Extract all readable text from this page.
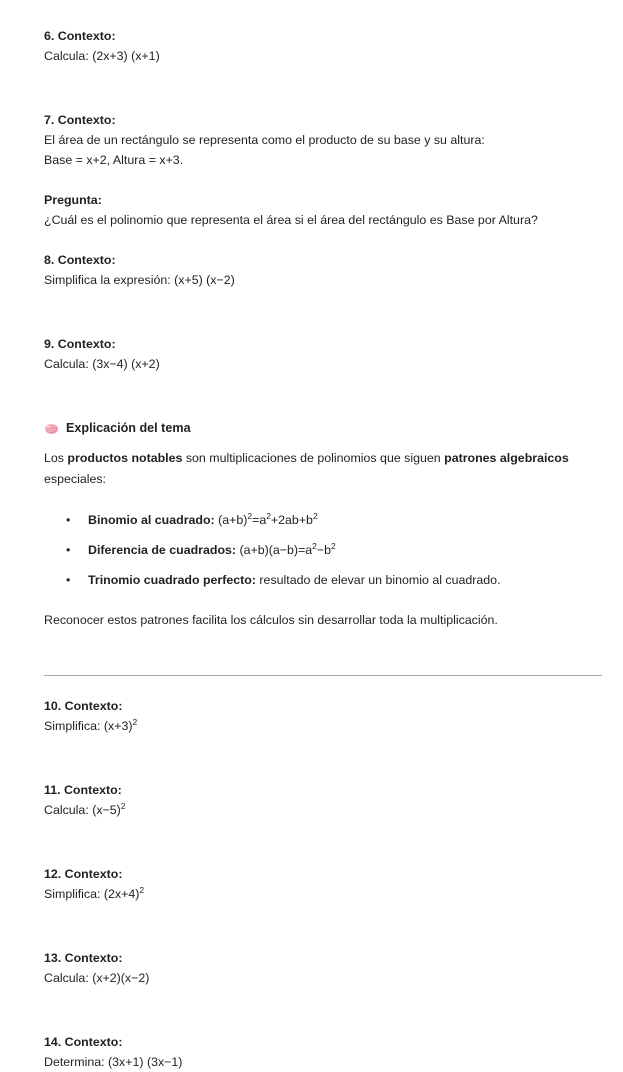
6. Contexto:

Calcula: (2x+3) (x+1)

7. Contexto:

El área de un rectángulo se representa como el producto de su base y su altura:

Base = x+2, Altura = x+3.

Pregunta:

¿Cuál es el polinomio que representa el área si el área del rectángulo es Base por Altura?

8. Contexto:

Simplifica la expresión: (x+5) (x−2)

9. Contexto:

Calcula: (3x−4) (x+2)

Explicación del tema

Los productos notables son multiplicaciones de polinomios que siguen patrones algebraicos especiales:

• Binomio al cuadrado: $(a+b)^2=a^2+2ab+b^2$
• Diferencia de cuadrados: $(a+b)(a-b)=a^2-b^2$
• Trinomio cuadrado perfecto: resultado de elevar un binomio al cuadrado.

Reconocer estos patrones facilita los cálculos sin desarrollar toda la multiplicación.

10. Contexto:

Simplifica: $(x+3)^2$

11. Contexto:

Calcula: $(x-5)^2$

12. Contexto:

Simplifica: $(2x+4)^2$

13. Contexto:

Calcula: (x+2)(x−2)

14. Contexto:

Determina: (3x+1) (3x−1)
